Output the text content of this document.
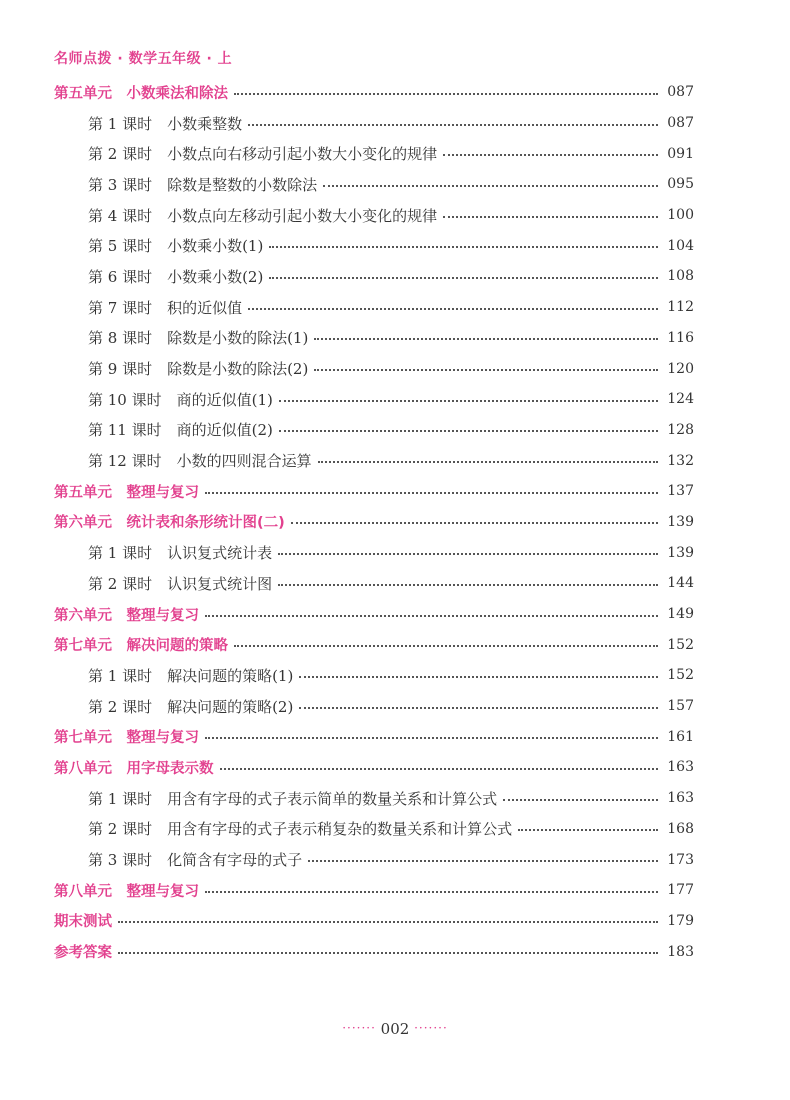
名师点拨 · 数学五年级 · 上
第五单元　小数乘法和除法	087
第 1 课时　小数乘整数	087
第 2 课时　小数点向右移动引起小数大小变化的规律	091
第 3 课时　除数是整数的小数除法	095
第 4 课时　小数点向左移动引起小数大小变化的规律	100
第 5 课时　小数乘小数(1)	104
第 6 课时　小数乘小数(2)	108
第 7 课时　积的近似值	112
第 8 课时　除数是小数的除法(1)	116
第 9 课时　除数是小数的除法(2)	120
第 10 课时　商的近似值(1)	124
第 11 课时　商的近似值(2)	128
第 12 课时　小数的四则混合运算	132
第五单元　整理与复习	137
第六单元　统计表和条形统计图(二)	139
第 1 课时　认识复式统计表	139
第 2 课时　认识复式统计图	144
第六单元　整理与复习	149
第七单元　解决问题的策略	152
第 1 课时　解决问题的策略(1)	152
第 2 课时　解决问题的策略(2)	157
第七单元　整理与复习	161
第八单元　用字母表示数	163
第 1 课时　用含有字母的式子表示简单的数量关系和计算公式	163
第 2 课时　用含有字母的式子表示稍复杂的数量关系和计算公式	168
第 3 课时　化简含有字母的式子	173
第八单元　整理与复习	177
期末测试	179
参考答案	183
······· 002 ·······
